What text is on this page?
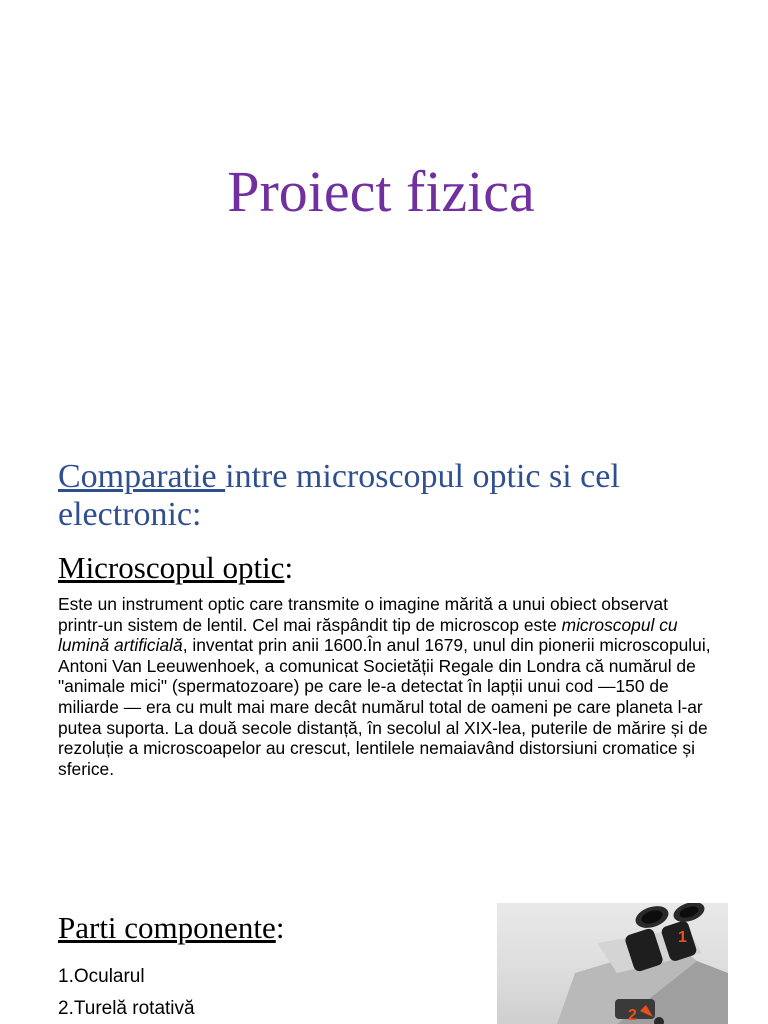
Proiect fizica
Comparatie intre microscopul optic si cel electronic:
Microscopul optic:

Este un instrument optic care transmite o imagine mărită a unui obiect observat printr-un sistem de lentil. Cel mai răspândit tip de microscop este microscopul cu lumină artificială, inventat prin anii 1600.În anul 1679, unul din pionerii microscopului, Antoni Van Leeuwenhoek, a comunicat Societății Regale din Londra că numărul de "animale mici" (spermatozoare) pe care le-a detectat în lapții unui cod —150 de miliarde — era cu mult mai mare decât numărul total de oameni pe care planeta l-ar putea suporta. La două secole distanță, în secolul al XIX-lea, puterile de mărire și de rezoluție a microscoapelor au crescut, lentilele nemaiavând distorsiuni cromatice și sferice.

Parti componente:
1.Ocularul
2.Turelă rotativă
1
2
